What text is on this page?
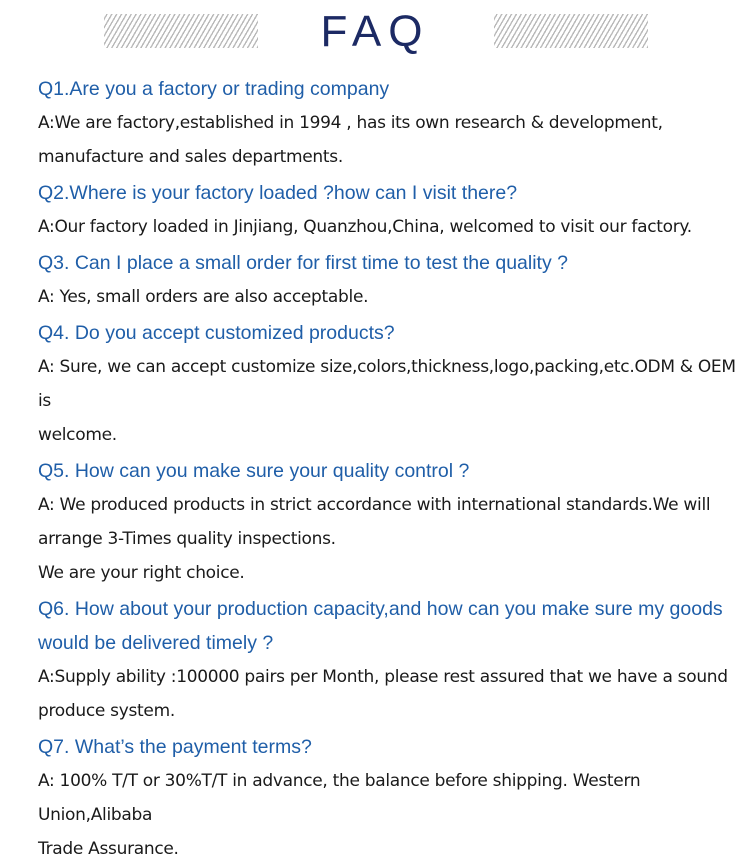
FAQ
Q1.Are you a factory or trading company
A:We are factory,established in 1994 , has its own research & development,
manufacture and sales departments.
Q2.Where is your factory loaded ?how can I visit there?
A:Our factory loaded in Jinjiang, Quanzhou,China, welcomed to visit our factory.
Q3. Can I place a small order for first time to test the quality ?
A: Yes, small orders are also acceptable.
Q4. Do you accept customized products?
A: Sure, we can accept customize size,colors,thickness,logo,packing,etc.ODM & OEM is
welcome.
Q5. How can you make sure your quality control ?
A: We produced products in strict accordance with international standards.We will
arrange 3-Times quality inspections.
We are your right choice.
Q6. How about your production capacity,and how can you make sure my goods
would be delivered timely ?
A:Supply ability :100000 pairs per Month, please rest assured that we have a sound
produce system.
Q7. What’s the payment terms?
A: 100% T/T or 30%T/T in advance, the balance before shipping. Western Union,Alibaba
Trade Assurance.
